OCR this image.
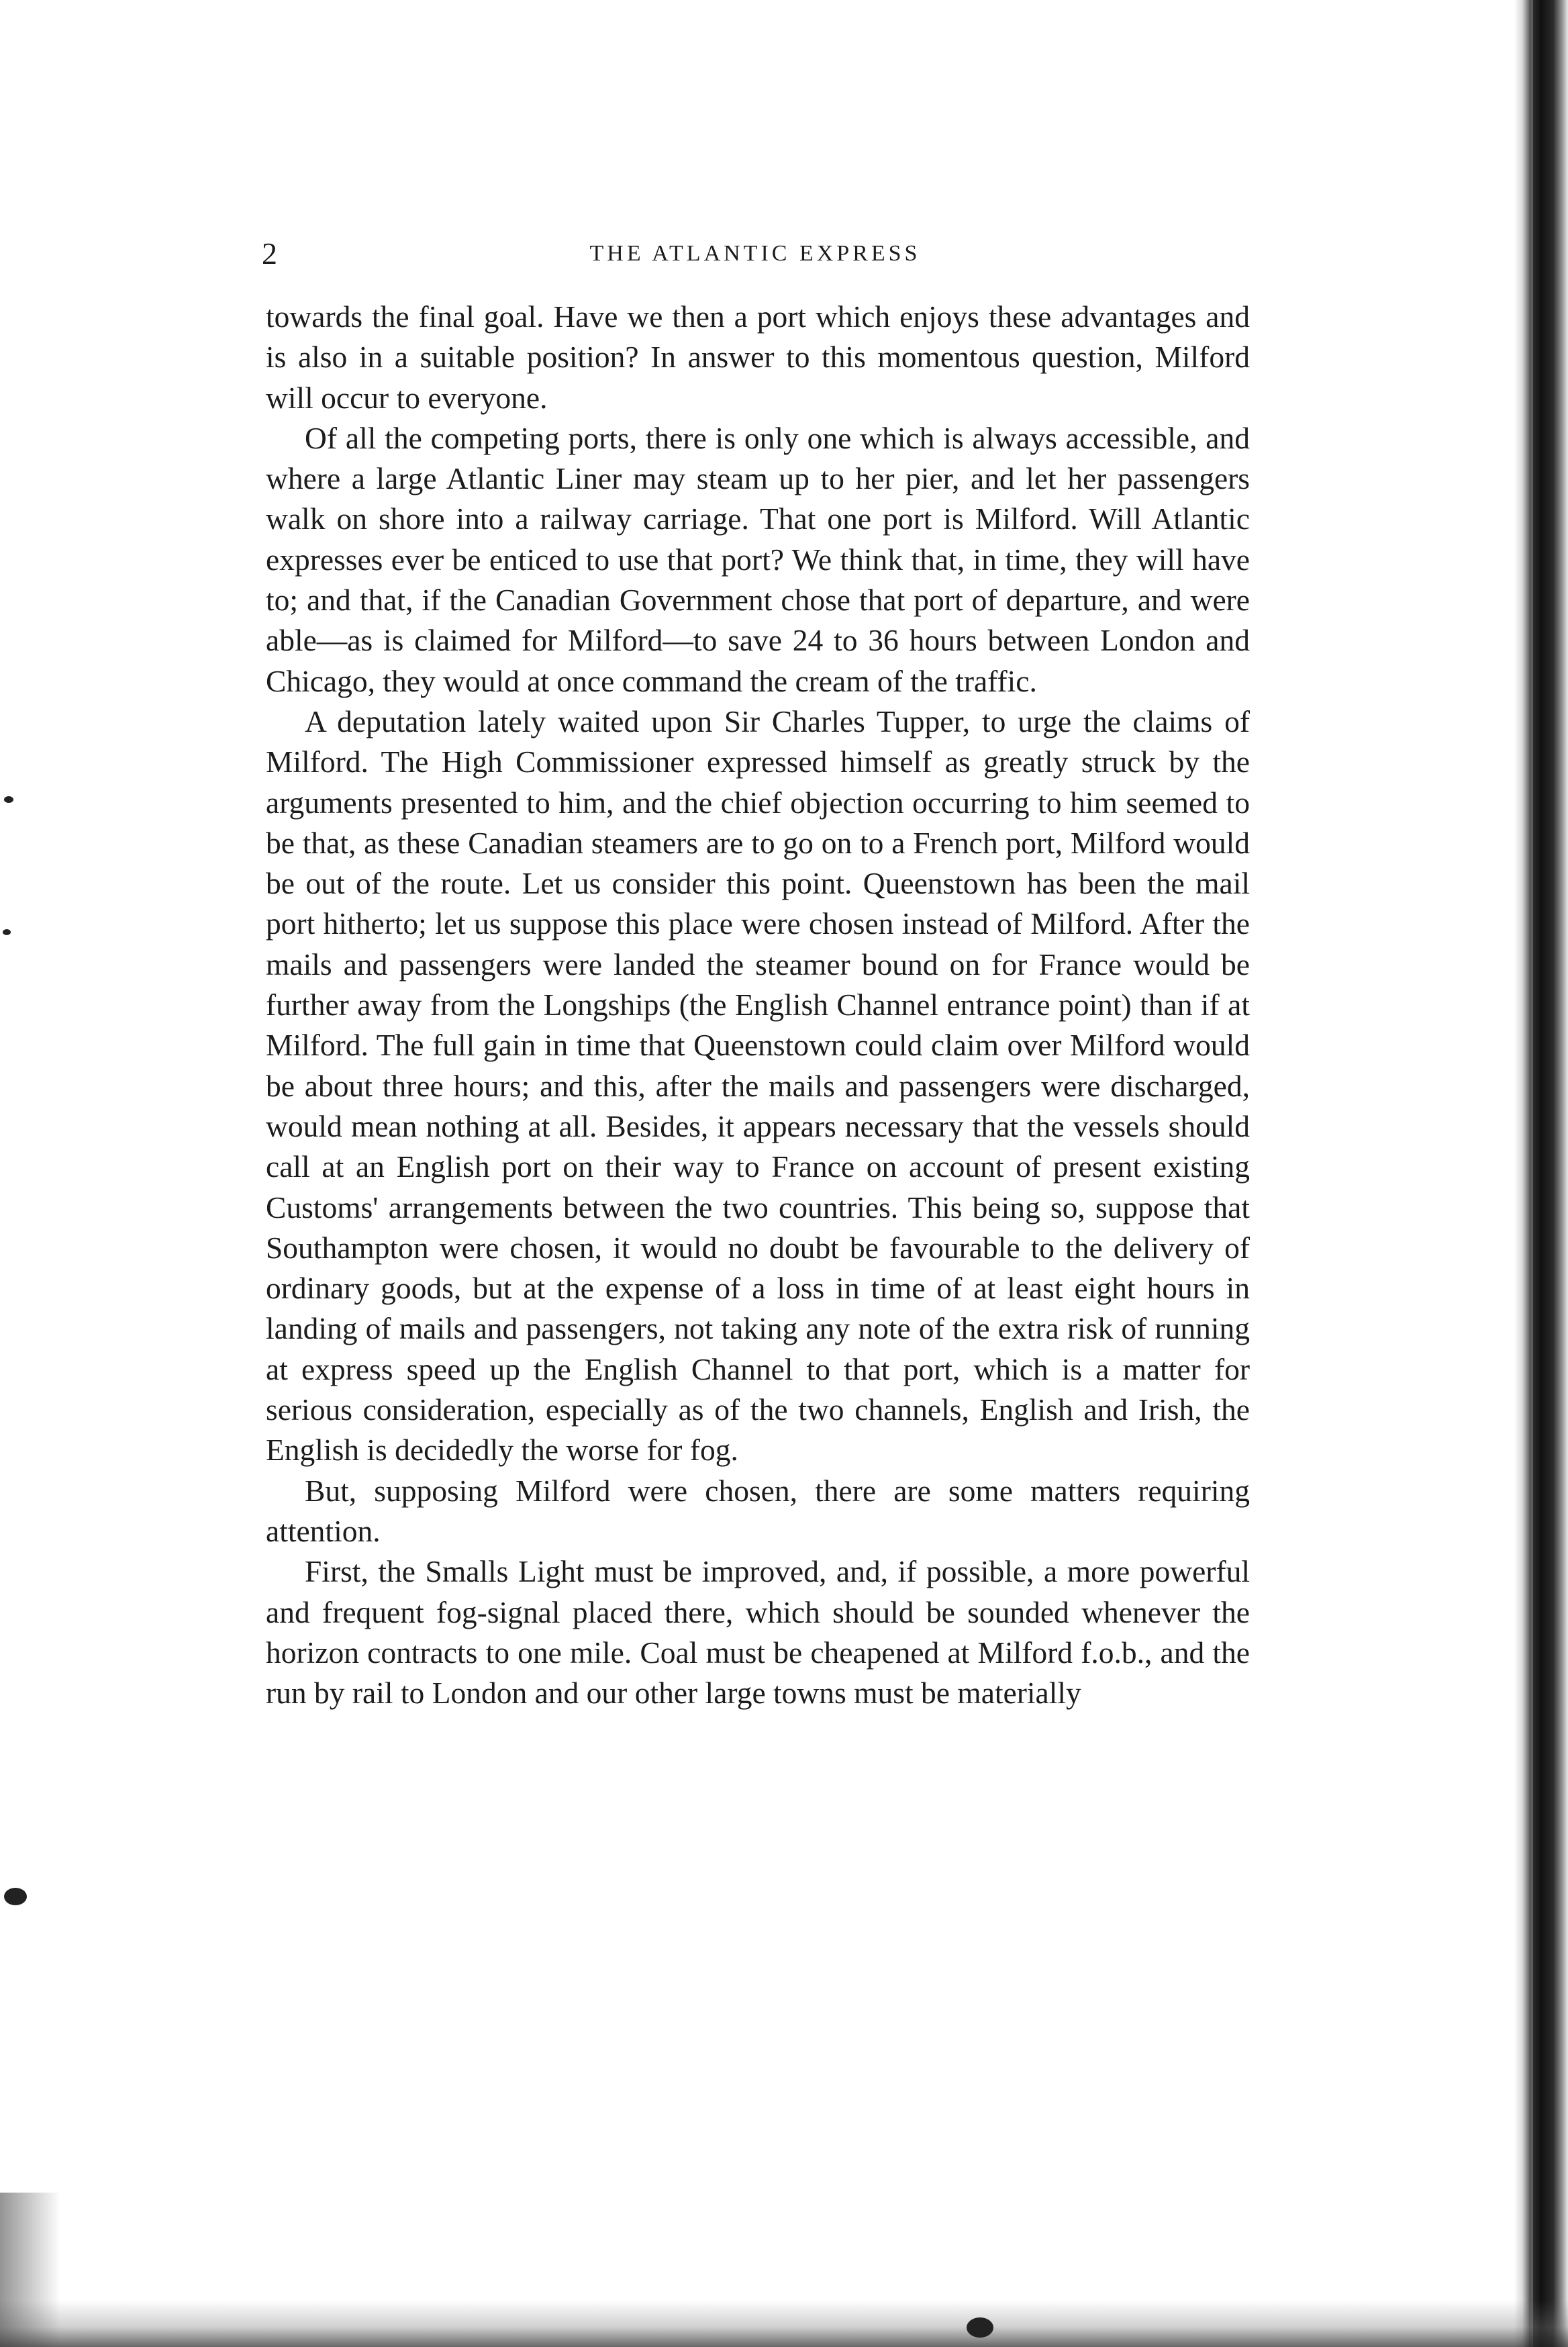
2	THE ATLANTIC EXPRESS

towards the final goal. Have we then a port which enjoys these advantages and is also in a suitable position? In answer to this momentous question, Milford will occur to everyone.

Of all the competing ports, there is only one which is always accessible, and where a large Atlantic Liner may steam up to her pier, and let her passengers walk on shore into a railway carriage. That one port is Milford. Will Atlantic expresses ever be enticed to use that port? We think that, in time, they will have to; and that, if the Canadian Government chose that port of departure, and were able—as is claimed for Milford—to save 24 to 36 hours between London and Chicago, they would at once command the cream of the traffic.

A deputation lately waited upon Sir Charles Tupper, to urge the claims of Milford. The High Commissioner expressed himself as greatly struck by the arguments presented to him, and the chief objection occurring to him seemed to be that, as these Canadian steamers are to go on to a French port, Milford would be out of the route. Let us consider this point. Queenstown has been the mail port hitherto; let us suppose this place were chosen instead of Milford. After the mails and passengers were landed the steamer bound on for France would be further away from the Longships (the English Channel entrance point) than if at Milford. The full gain in time that Queenstown could claim over Milford would be about three hours; and this, after the mails and passengers were discharged, would mean nothing at all. Besides, it appears necessary that the vessels should call at an English port on their way to France on account of present existing Customs' arrangements between the two countries. This being so, suppose that Southampton were chosen, it would no doubt be favourable to the delivery of ordinary goods, but at the expense of a loss in time of at least eight hours in landing of mails and passengers, not taking any note of the extra risk of running at express speed up the English Channel to that port, which is a matter for serious consideration, especially as of the two channels, English and Irish, the English is decidedly the worse for fog.

But, supposing Milford were chosen, there are some matters requiring attention.

First, the Smalls Light must be improved, and, if possible, a more powerful and frequent fog-signal placed there, which should be sounded whenever the horizon contracts to one mile. Coal must be cheapened at Milford f.o.b., and the run by rail to London and our other large towns must be materially
